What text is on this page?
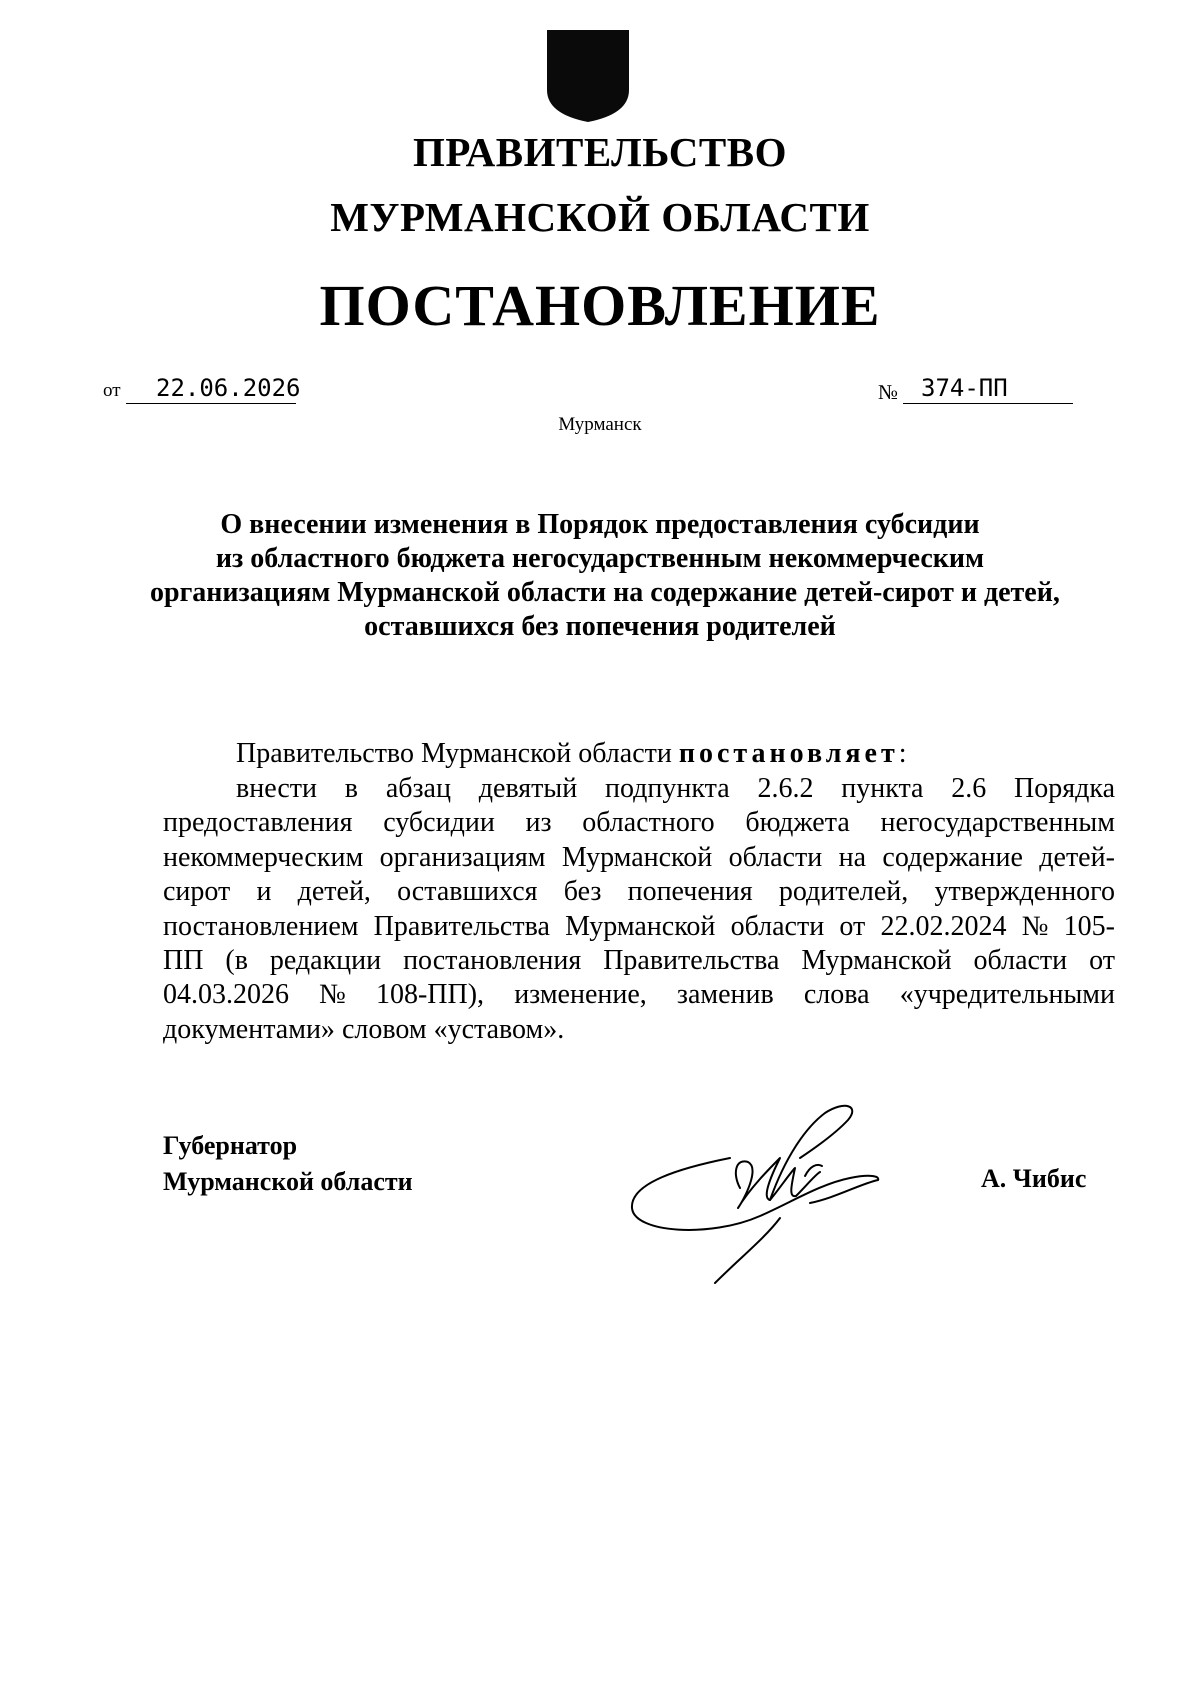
ПРАВИТЕЛЬСТВО
МУРМАНСКОЙ ОБЛАСТИ
ПОСТАНОВЛЕНИЕ
от	22.06.2026	№ 374-ПП
Мурманск
О внесении изменения в Порядок предоставления субсидии
из областного бюджета негосударственным некоммерческим
организациям Мурманской области на содержание детей-сирот и детей,
оставшихся без попечения родителей
Правительство Мурманской области постановляет:
внести в абзац девятый подпункта 2.6.2 пункта 2.6 Порядка
предоставления субсидии из областного бюджета негосударственным
некоммерческим организациям Мурманской области на содержание детей-
сирот и детей, оставшихся без попечения родителей, утвержденного
постановлением Правительства Мурманской области от 22.02.2024 № 105-
ПП (в редакции постановления Правительства Мурманской области от
04.03.2026 № 108-ПП), изменение, заменив слова «учредительными
документами» словом «уставом».
Губернатор
Мурманской области	А. Чибис
